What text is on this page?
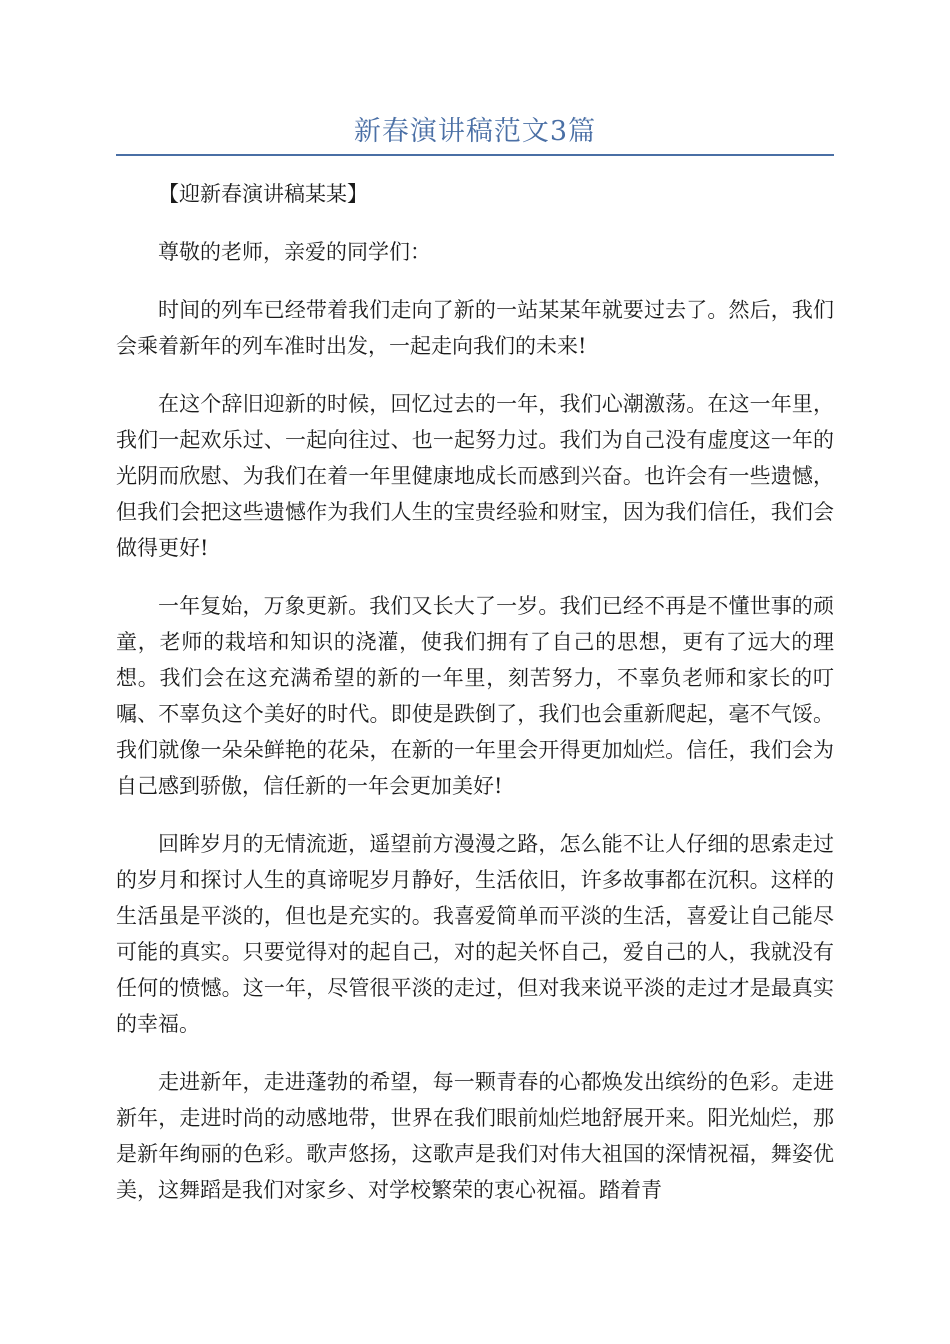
新春演讲稿范文3篇

【迎新春演讲稿某某】

尊敬的老师，亲爱的同学们：

时间的列车已经带着我们走向了新的一站某某年就要过去了。然后，我们会乘着新年的列车准时出发，一起走向我们的未来!

在这个辞旧迎新的时候，回忆过去的一年，我们心潮激荡。在这一年里，我们一起欢乐过、一起向往过、也一起努力过。我们为自己没有虚度这一年的光阴而欣慰、为我们在着一年里健康地成长而感到兴奋。也许会有一些遗憾，但我们会把这些遗憾作为我们人生的宝贵经验和财宝，因为我们信任，我们会做得更好!

一年复始，万象更新。我们又长大了一岁。我们已经不再是不懂世事的顽童，老师的栽培和知识的浇灌，使我们拥有了自己的思想，更有了远大的理想。我们会在这充满希望的新的一年里，刻苦努力，不辜负老师和家长的叮嘱、不辜负这个美好的时代。即使是跌倒了，我们也会重新爬起，毫不气馁。我们就像一朵朵鲜艳的花朵，在新的一年里会开得更加灿烂。信任，我们会为自己感到骄傲，信任新的一年会更加美好!

回眸岁月的无情流逝，遥望前方漫漫之路，怎么能不让人仔细的思索走过的岁月和探讨人生的真谛呢岁月静好，生活依旧，许多故事都在沉积。这样的生活虽是平淡的，但也是充实的。我喜爱简单而平淡的生活，喜爱让自己能尽可能的真实。只要觉得对的起自己，对的起关怀自己，爱自己的人，我就没有任何的愤憾。这一年，尽管很平淡的走过，但对我来说平淡的走过才是最真实的幸福。

走进新年，走进蓬勃的希望，每一颗青春的心都焕发出缤纷的色彩。走进新年，走进时尚的动感地带，世界在我们眼前灿烂地舒展开来。阳光灿烂，那是新年绚丽的色彩。歌声悠扬，这歌声是我们对伟大祖国的深情祝福，舞姿优美，这舞蹈是我们对家乡、对学校繁荣的衷心祝福。踏着青
